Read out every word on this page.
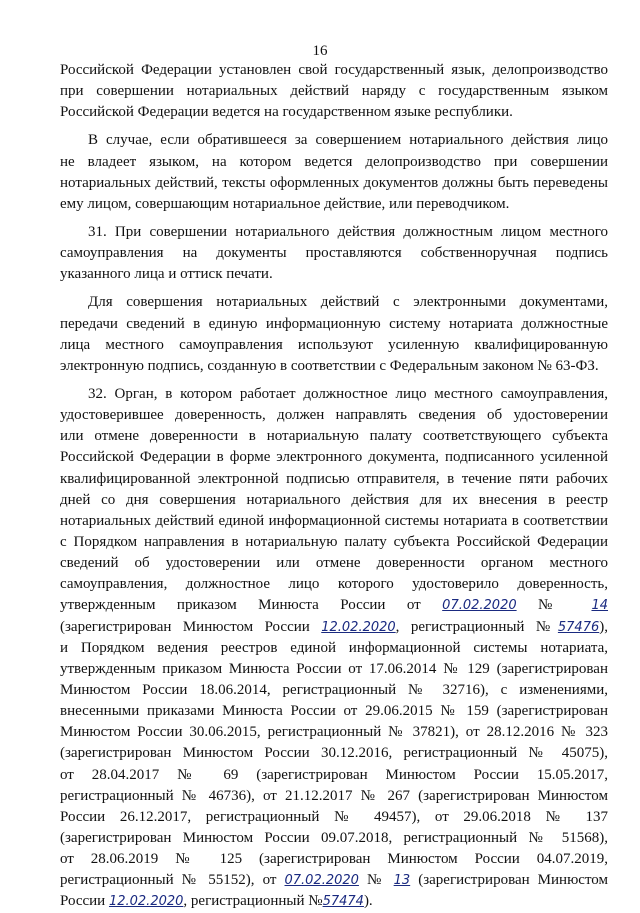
16

Российской Федерации установлен свой государственный язык, делопроизводство

при совершении нотариальных действий наряду с государственным языком

Российской Федерации ведется на государственном языке республики.

В случае, если обратившееся за совершением нотариального действия лицо

не владеет языком, на котором ведется делопроизводство при совершении

нотариальных действий, тексты оформленных документов должны быть переведены

ему лицом, совершающим нотариальное действие, или переводчиком.

31. При совершении нотариального действия должностным лицом местного

самоуправления на документы проставляются собственноручная подпись

указанного лица и оттиск печати.

Для совершения нотариальных действий с электронными документами,

передачи сведений в единую информационную систему нотариата должностные

лица местного самоуправления используют усиленную квалифицированную

электронную подпись, созданную в соответствии с Федеральным законом № 63-ФЗ.

32. Орган, в котором работает должностное лицо местного самоуправления,

удостоверившее доверенность, должен направлять сведения об удостоверении

или отмене доверенности в нотариальную палату соответствующего субъекта

Российской Федерации в форме электронного документа, подписанного усиленной

квалифицированной электронной подписью отправителя, в течение пяти рабочих

дней со дня совершения нотариального действия для их внесения в реестр

нотариальных действий единой информационной системы нотариата в соответствии

с Порядком направления в нотариальную палату субъекта Российской Федерации

сведений об удостоверении или отмене доверенности органом местного

самоуправления, должностное лицо которого удостоверило доверенность,

утвержденным приказом Минюста России от 07.02.2020 № 14

(зарегистрирован Минюстом России 12.02.2020, регистрационный №57476),

и Порядком ведения реестров единой информационной системы нотариата,

утвержденным приказом Минюста России от 17.06.2014 № 129 (зарегистрирован

Минюстом России 18.06.2014, регистрационный № 32716), с изменениями,

внесенными приказами Минюста России от 29.06.2015 № 159 (зарегистрирован

Минюстом России 30.06.2015, регистрационный № 37821), от 28.12.2016 № 323

(зарегистрирован Минюстом России 30.12.2016, регистрационный № 45075),

от 28.04.2017 № 69 (зарегистрирован Минюстом России 15.05.2017,

регистрационный № 46736), от 21.12.2017 № 267 (зарегистрирован Минюстом

России 26.12.2017, регистрационный № 49457), от 29.06.2018 № 137

(зарегистрирован Минюстом России 09.07.2018, регистрационный № 51568),

от 28.06.2019 № 125 (зарегистрирован Минюстом России 04.07.2019,

регистрационный № 55152), от 07.02.2020 № 13 (зарегистрирован Минюстом

России 12.02.2020, регистрационный №57474).
